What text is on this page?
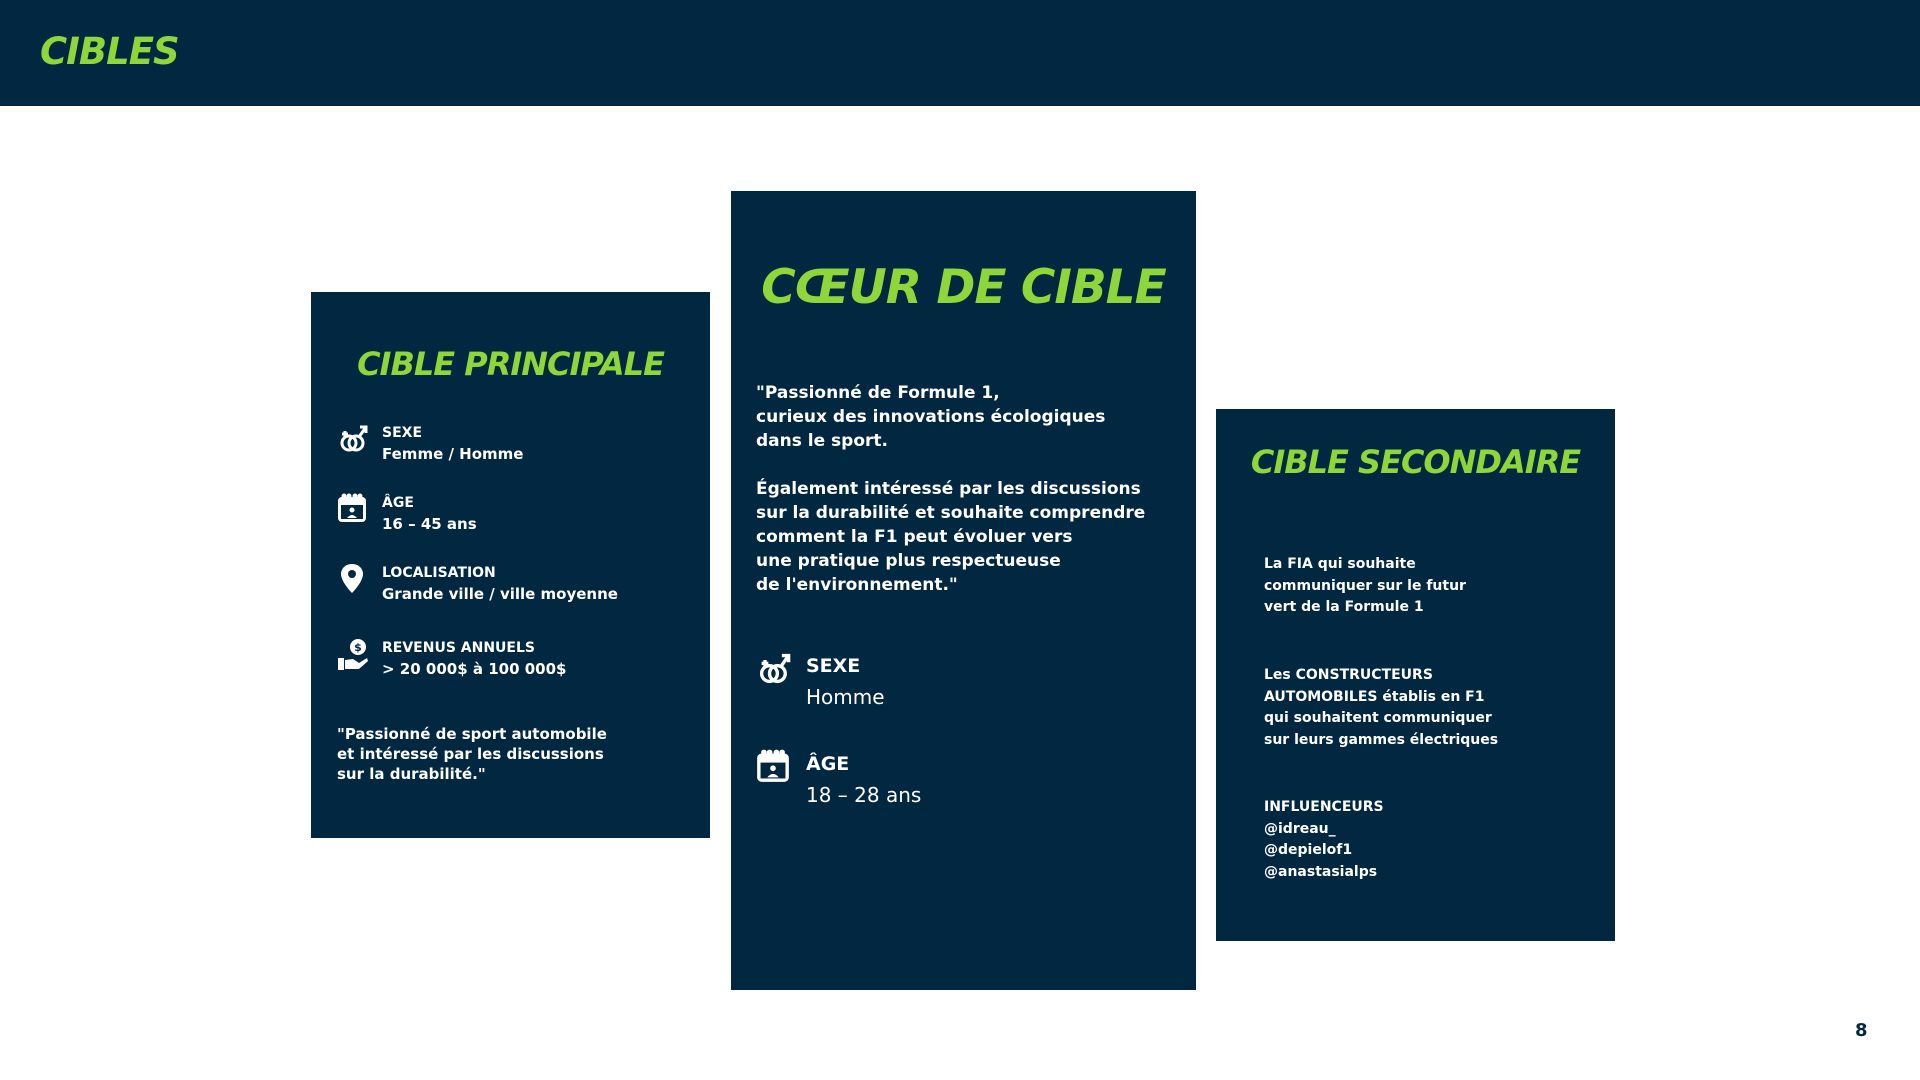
CIBLES
CIBLE PRINCIPALE
SEXE
Femme / Homme
ÂGE
16 – 45 ans
LOCALISATION
Grande ville / ville moyenne
$ REVENUS ANNUELS
> 20 000$ à 100 000$
"Passionné de sport automobile
et intéressé par les discussions
sur la durabilité."
CŒUR DE CIBLE
"Passionné de Formule 1,
curieux des innovations écologiques
dans le sport.

Également intéressé par les discussions
sur la durabilité et souhaite comprendre
comment la F1 peut évoluer vers
une pratique plus respectueuse
de l'environnement."
SEXE
Homme
ÂGE
18 – 28 ans
CIBLE SECONDAIRE
La FIA qui souhaite
communiquer sur le futur
vert de la Formule 1
Les CONSTRUCTEURS
AUTOMOBILES établis en F1
qui souhaitent communiquer
sur leurs gammes électriques
INFLUENCEURS
@idreau_
@depielof1
@anastasialps
8
